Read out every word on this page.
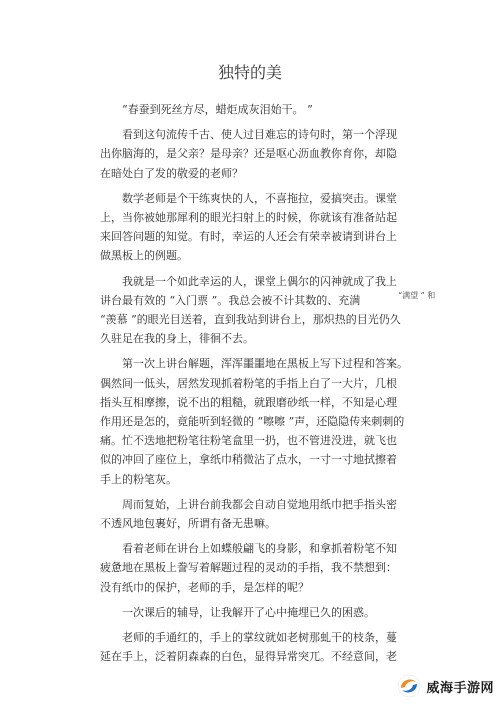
独特的美
“春蚕到死丝方尽，蜡炬成灰泪始干。 ”
看到这句流传千古、使人过目难忘的诗句时，第一个浮现
出你脑海的，是父亲？是母亲？还是呕心沥血教你育你，却隐
在暗处白了发的敬爱的老师？
数学老师是个干练爽快的人，不喜拖拉，爱搞突击。课堂
上，当你被她那犀利的眼光扫射上的时候，你就该有准备站起
来回答问题的知觉。有时，幸运的人还会有荣幸被请到讲台上
做黑板上的例题。
我就是一个如此幸运的人，课堂上偶尔的闪神就成了我上
讲台最有效的 “入门票 ”。我总会被不计其数的、充满
“羡慕 ”的眼光目送着，直到我站到讲台上，那炽热的目光仍久
久驻足在我的身上，徘徊不去。
第一次上讲台解题，浑浑噩噩地在黑板上写下过程和答案。
偶然间一低头，居然发现抓着粉笔的手指上白了一大片，几根
指头互相摩擦，说不出的粗糙，就跟磨砂纸一样，不知是心理
作用还是怎的，竟能听到轻微的 “嚓嚓 ”声，还隐隐传来刺刺的
痛。忙不迭地把粉笔往粉笔盒里一扔，也不管进没进，就飞也
似的冲回了座位上，拿纸巾稍微沾了点水，一寸一寸地拭擦着
手上的粉笔灰。
周而复始，上讲台前我都会自动自觉地用纸巾把手指头密
不透风地包裹好，所谓有备无患嘛。
看着老师在讲台上如蝶般翩飞的身影，和拿抓着粉笔不知
疲惫地在黑板上誊写着解题过程的灵动的手指，我不禁想到：
没有纸巾的保护，老师的手，是怎样的呢？
一次课后的辅导，让我解开了心中掩埋已久的困惑。
老师的手通红的，手上的掌纹就如老树那虬干的枝条，蔓
延在手上，泛着阴森森的白色，显得异常突兀。不经意间，老
“满望 ” 和
威海手游网
